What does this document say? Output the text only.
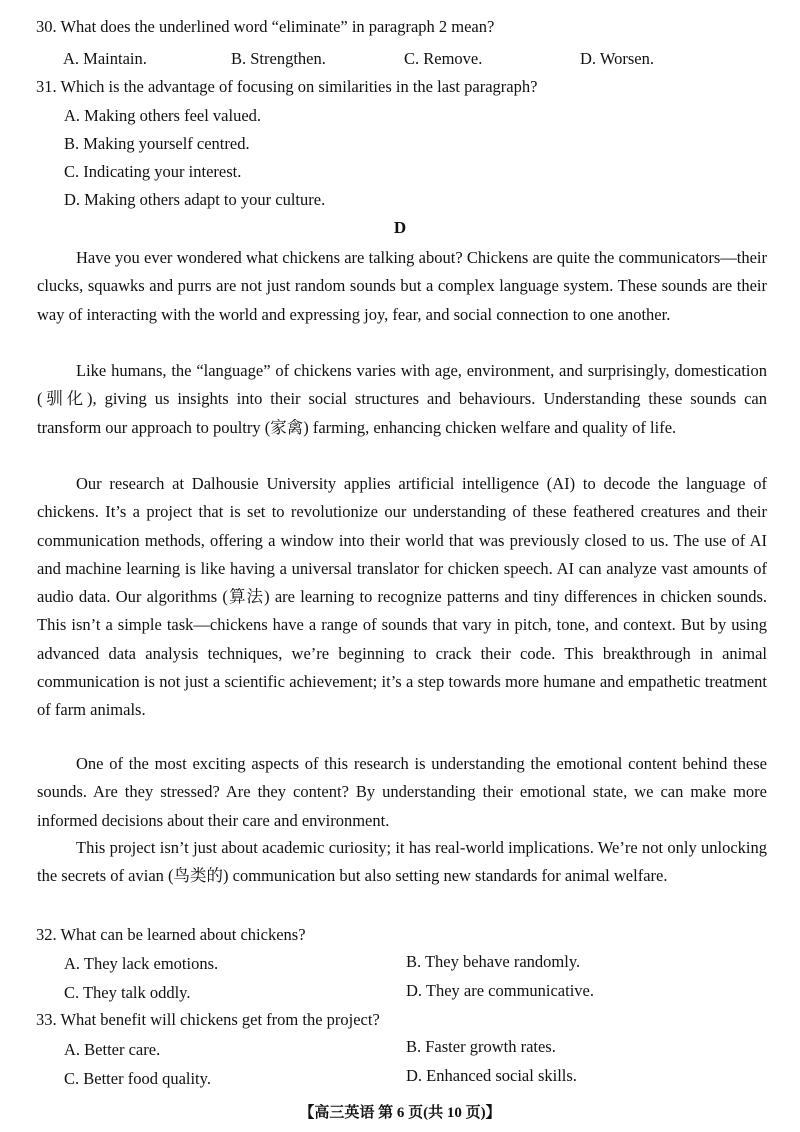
30. What does the underlined word “eliminate” in paragraph 2 mean?
A. Maintain.	B. Strengthen.	C. Remove.	D. Worsen.
31. Which is the advantage of focusing on similarities in the last paragraph?
A. Making others feel valued.
B. Making yourself centred.
C. Indicating your interest.
D. Making others adapt to your culture.
D
Have you ever wondered what chickens are talking about? Chickens are quite the communicators—their clucks, squawks and purrs are not just random sounds but a complex language system. These sounds are their way of interacting with the world and expressing joy, fear, and social connection to one another.
Like humans, the “language” of chickens varies with age, environment, and surprisingly, domestication (驯化), giving us insights into their social structures and behaviours. Understanding these sounds can transform our approach to poultry (家禽) farming, enhancing chicken welfare and quality of life.
Our research at Dalhousie University applies artificial intelligence (AI) to decode the language of chickens. It’s a project that is set to revolutionize our understanding of these feathered creatures and their communication methods, offering a window into their world that was previously closed to us. The use of AI and machine learning is like having a universal translator for chicken speech. AI can analyze vast amounts of audio data. Our algorithms (算法) are learning to recognize patterns and tiny differences in chicken sounds. This isn’t a simple task—chickens have a range of sounds that vary in pitch, tone, and context. But by using advanced data analysis techniques, we’re beginning to crack their code. This breakthrough in animal communication is not just a scientific achievement; it’s a step towards more humane and empathetic treatment of farm animals.
One of the most exciting aspects of this research is understanding the emotional content behind these sounds. Are they stressed? Are they content? By understanding their emotional state, we can make more informed decisions about their care and environment.
This project isn’t just about academic curiosity; it has real-world implications. We’re not only unlocking the secrets of avian (鸟类的) communication but also setting new standards for animal welfare.
32. What can be learned about chickens?
A. They lack emotions.	B. They behave randomly.
C. They talk oddly.	D. They are communicative.
33. What benefit will chickens get from the project?
A. Better care.	B. Faster growth rates.
C. Better food quality.	D. Enhanced social skills.
【高三英语 第 6 页(共 10 页)】
